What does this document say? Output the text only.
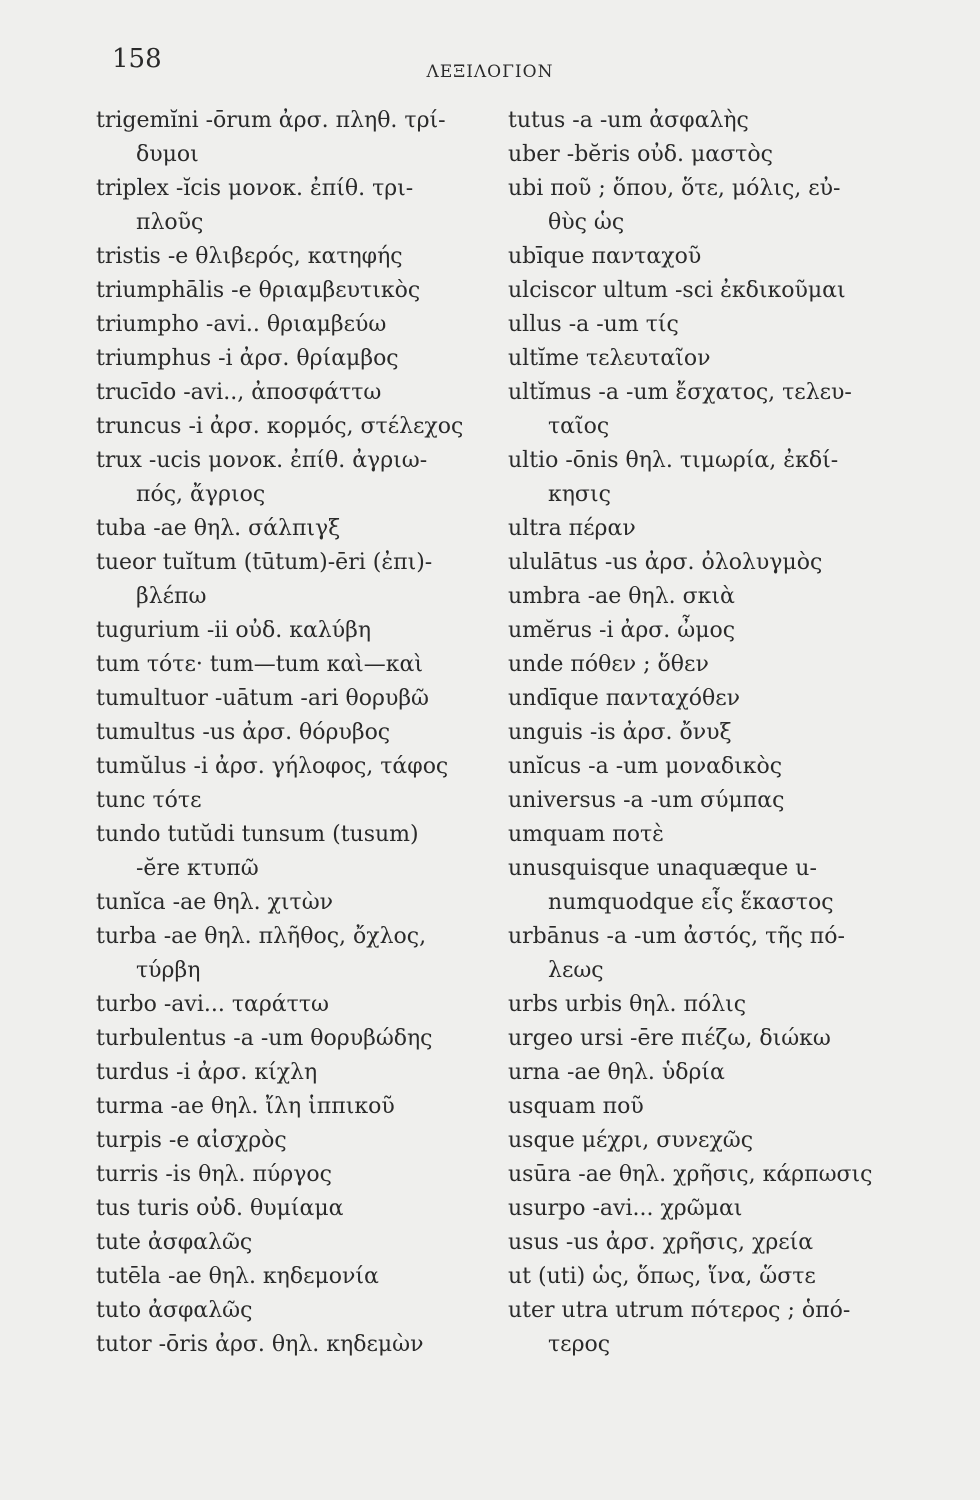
158	ΛΕΞΙΛΟΓΙΟΝ
trigemĭni -ōrum ἀρσ. πληθ. τρί-
δυμοι
triplex -ĭcis μονοκ. ἐπίθ. τρι-
πλοῦς
tristis -e θλιβερός, κατηφής
triumphālis -e θριαμβευτικὸς
triumpho -avi.. θριαμβεύω
triumphus -i ἀρσ. θρίαμβος
trucīdo -avi.., ἀποσφάττω
truncus -i ἀρσ. κορμός, στέλεχος
trux -ucis μονοκ. ἐπίθ. ἀγριω-
πός, ἄγριος
tuba -ae θηλ. σάλπιγξ
tueor tuĭtum (tūtum)-ēri (ἐπι)-
βλέπω
tugurium -ii οὐδ. καλύβη
tum τότε· tum—tum καὶ—καὶ
tumultuor -uātum -ari θορυβῶ
tumultus -us ἀρσ. θόρυβος
tumŭlus -i ἀρσ. γήλοφος, τάφος
tunc τότε
tundo tutŭdi tunsum (tusum)
-ĕre κτυπῶ
tunĭca -ae θηλ. χιτὼν
turba -ae θηλ. πλῆθος, ὄχλος,
τύρβη
turbo -avi... ταράττω
turbulentus -a -um θορυβώδης
turdus -i ἀρσ. κίχλη
turma -ae θηλ. ἴλη ἱππικοῦ
turpis -e αἰσχρὸς
turris -is θηλ. πύργος
tus turis οὐδ. θυμίαμα
tute ἀσφαλῶς
tutēla -ae θηλ. κηδεμονία
tuto ἀσφαλῶς
tutor -ōris ἀρσ. θηλ. κηδεμὼν
tutus -a -um ἀσφαλὴς
uber -bĕris οὐδ. μαστὸς
ubi ποῦ ; ὅπου, ὅτε, μόλις, εὐ-
θὺς ὡς
ubīque πανταχοῦ
ulciscor ultum -sci ἐκδικοῦμαι
ullus -a -um τίς
ultĭme τελευταῖον
ultĭmus -a -um ἔσχατος, τελευ-
ταῖος
ultio -ōnis θηλ. τιμωρία, ἐκδί-
κησις
ultra πέραν
ululātus -us ἀρσ. ὀλολυγμὸς
umbra -ae θηλ. σκιὰ
umĕrus -i ἀρσ. ὦμος
unde πόθεν ; ὅθεν
undīque πανταχόθεν
unguis -is ἀρσ. ὄνυξ
unĭcus -a -um μοναδικὸς
universus -a -um σύμπας
umquam ποτὲ
unusquisque unaquæque u-
numquodque εἷς ἕκαστος
urbānus -a -um ἀστός, τῆς πό-
λεως
urbs urbis θηλ. πόλις
urgeo ursi -ēre πιέζω, διώκω
urna -ae θηλ. ὑδρία
usquam ποῦ
usque μέχρι, συνεχῶς
usūra -ae θηλ. χρῆσις, κάρπωσις
usurpo -avi... χρῶμαι
usus -us ἀρσ. χρῆσις, χρεία
ut (uti) ὡς, ὅπως, ἵνα, ὥστε
uter utra utrum πότερος ; ὁπό-
τερος
